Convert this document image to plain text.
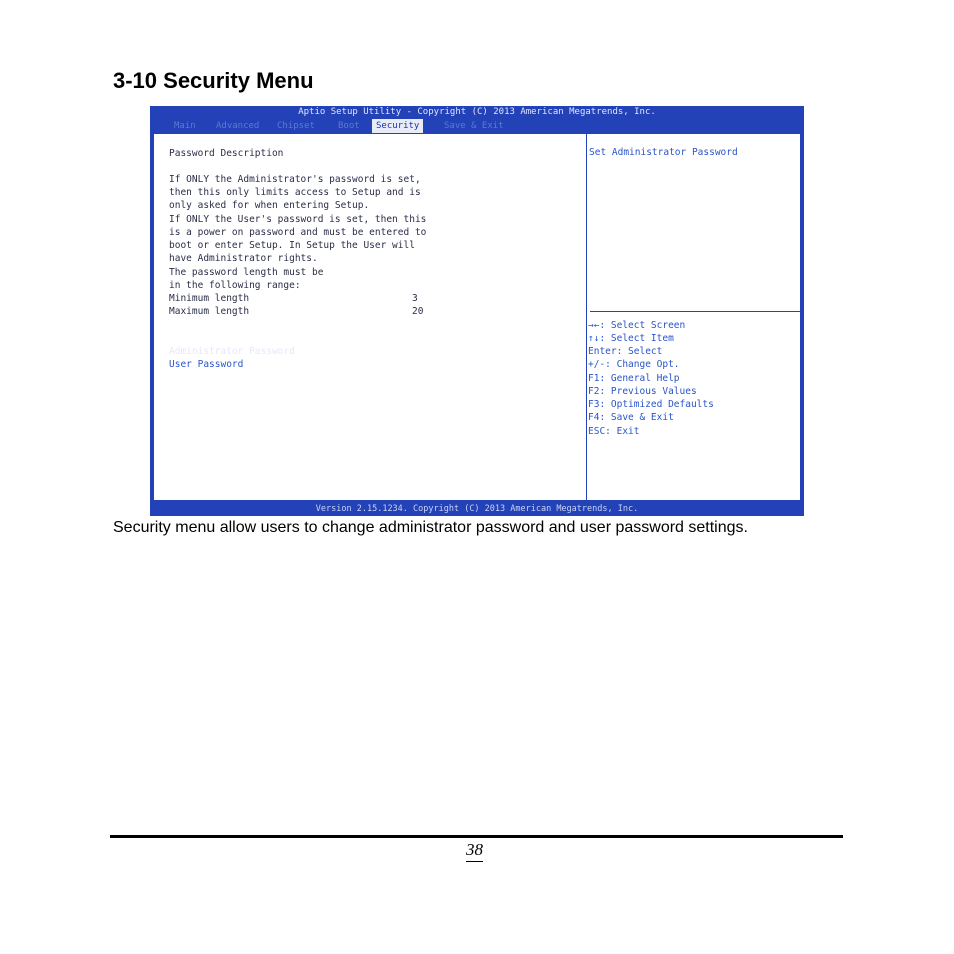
3-10 Security Menu
Aptio Setup Utility - Copyright (C) 2013 American Megatrends, Inc.
Main Advanced Chipset	Boot	Security	Save & Exit
Password Description
If ONLY the Administrator's password is set,
then this only limits access to Setup and is
only asked for when entering Setup.
If ONLY the User's password is set, then this
is a power on password and must be entered to
boot or enter Setup. In Setup the User will
have Administrator rights.
The password length must be
in the following range:
Minimum length	3
Maximum length	20
Administrator Password
User Password
Set Administrator Password
→←: Select Screen
↑↓: Select Item
Enter: Select
+/-: Change Opt.
F1: General Help
F2: Previous Values
F3: Optimized Defaults
F4: Save & Exit
ESC: Exit
Version 2.15.1234. Copyright (C) 2013 American Megatrends, Inc.

Security menu allow users to change administrator password and user password settings.

38
